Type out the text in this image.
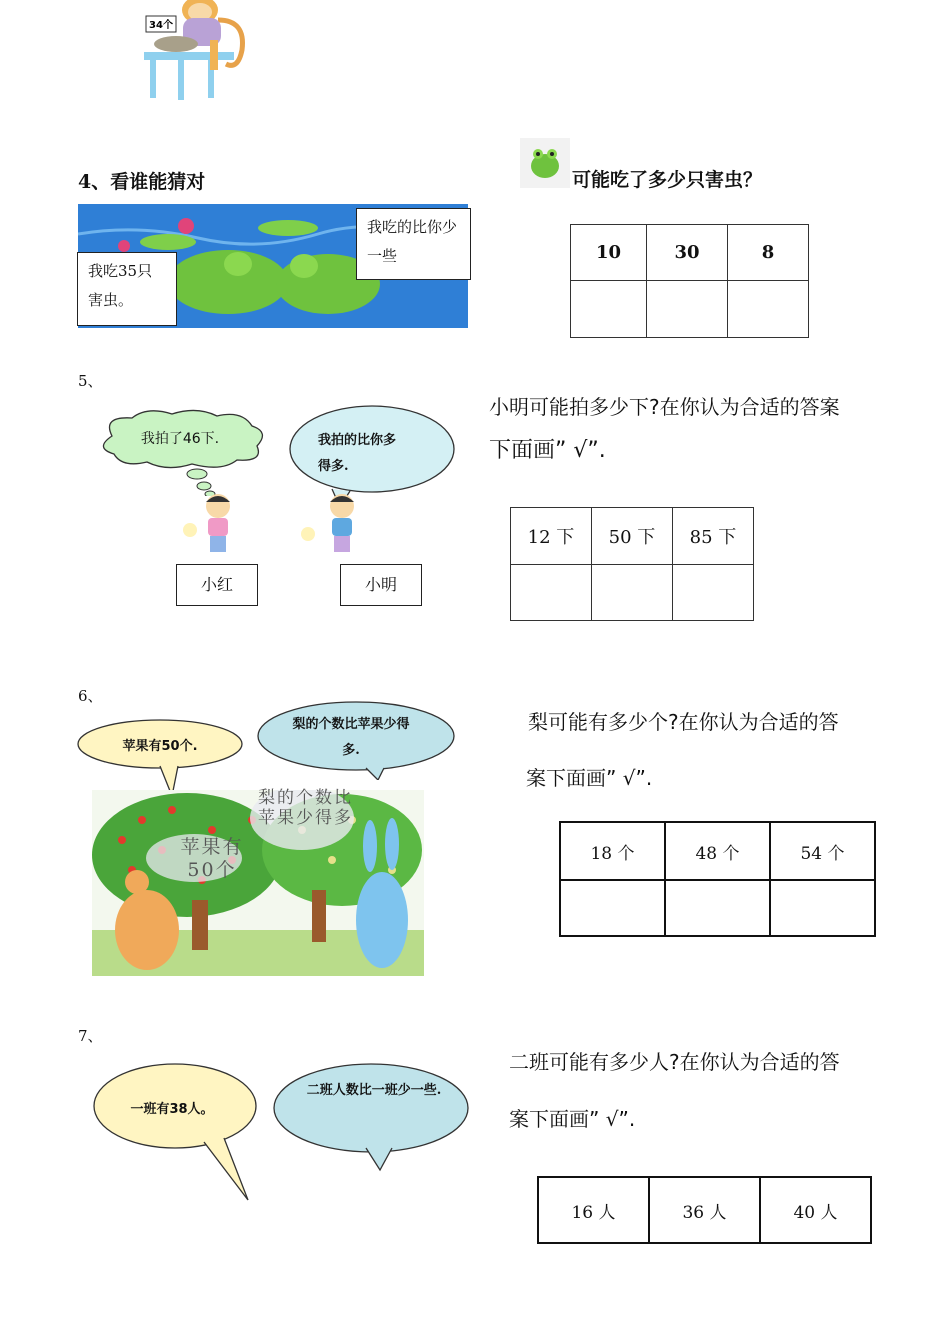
34个
4、看谁能猜对
我吃35只害虫。
我吃的比你少一些
可能吃了多少只害虫？
10	30	8

5、
我拍了46下.	我拍的比你多得多.
小红	小明
小明可能拍多少下?在你认为合适的答案
下面画” √”.
12 下	50 下	85 下

6、
苹果有50个.
梨的个数比苹果少得多.
苹果有50个
梨的个数比苹果少得多
梨可能有多少个?在你认为合适的答
案下面画” √”.
18 个	48 个	54 个

7、
一班有38人。
二班人数比一班少一些.
二班可能有多少人?在你认为合适的答
案下面画” √”.
16 人	36 人	40 人
